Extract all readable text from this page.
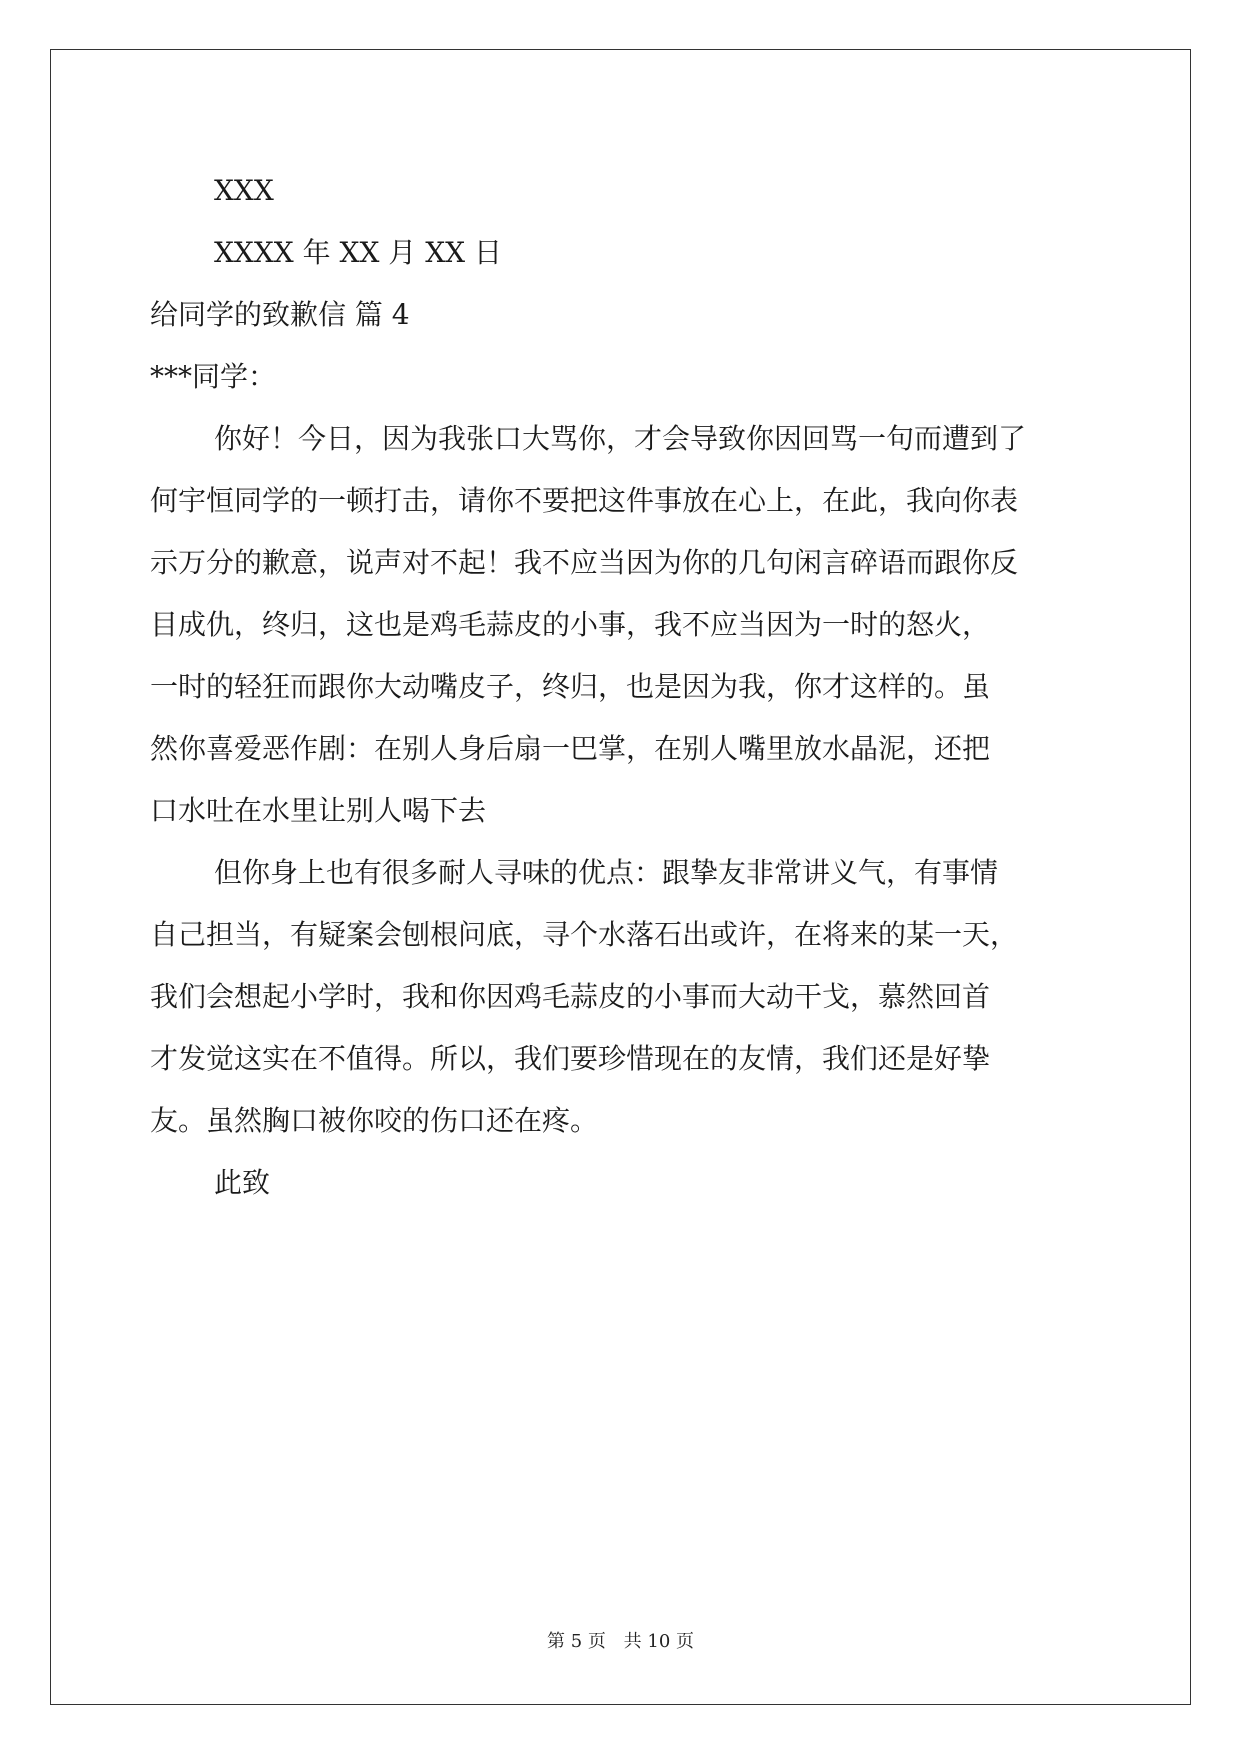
XXX
XXXX 年 XX 月 XX 日
给同学的致歉信 篇 4
***同学：
你好！今日，因为我张口大骂你，才会导致你因回骂一句而遭到了
何宇恒同学的一顿打击，请你不要把这件事放在心上，在此，我向你表
示万分的歉意，说声对不起！我不应当因为你的几句闲言碎语而跟你反
目成仇，终归，这也是鸡毛蒜皮的小事，我不应当因为一时的怒火，
一时的轻狂而跟你大动嘴皮子，终归，也是因为我，你才这样的。虽
然你喜爱恶作剧：在别人身后扇一巴掌，在别人嘴里放水晶泥，还把
口水吐在水里让别人喝下去
但你身上也有很多耐人寻味的优点：跟挚友非常讲义气，有事情
自己担当，有疑案会刨根问底，寻个水落石出或许，在将来的某一天，
我们会想起小学时，我和你因鸡毛蒜皮的小事而大动干戈，慕然回首
才发觉这实在不值得。所以，我们要珍惜现在的友情，我们还是好挚
友。虽然胸口被你咬的伤口还在疼。
此致
第 5 页 共 10 页
